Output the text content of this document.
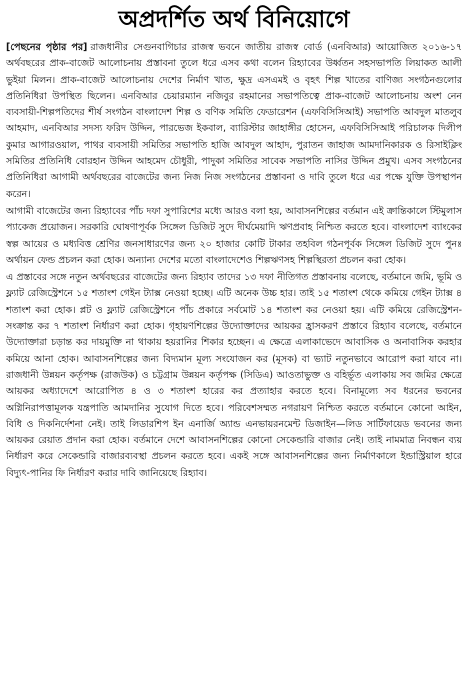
অপ্রদর্শিত অর্থ বিনিয়োগে

[পেছনের পৃষ্ঠার পর] রাজধানীর সেগুনবাগিচার রাজস্ব ভবনে জাতীয় রাজস্ব বোর্ড (এনবিআর) আয়োজিত ২০১৬-১৭ অর্থবছরের প্রাক-বাজেট আলোচনায় প্রস্তাবনা তুলে ধরে এসব কথা বলেন রিহ্যাবের উর্ধ্বতন সহসভাপতি লিয়াকত আলী ভুইয়া মিলন। প্রাক-বাজেট আলোচনায় দেশের নির্মাণ খাত, ক্ষুদ্র এসএমই ও বৃহৎ শিল্প খাতের বাণিজ্য সংগঠনগুলোর প্রতিনিধিরা উপস্থিত ছিলেন। এনবিআর চেয়ারম্যান নজিবুর রহমানের সভাপতিত্বে প্রাক-বাজেট আলোচনায় অংশ নেন ব্যবসায়ী-শিল্পপতিদের শীর্ষ সংগঠন বাংলাদেশ শিল্প ও বণিক সমিতি ফেডারেশন (এফবিসিসিআই) সভাপতি আবদুল মাতলুব আহমাদ, এনবিআর সদস্য ফরিদ উদ্দিন, পারভেজ ইকবাল, ব্যারিস্টার জাহাঙ্গীর হোসেন, এফবিসিসিআই পরিচালক দিলীপ কুমার আগারওয়াল, পাথর ব্যবসায়ী সমিতির সভাপতি হাজি আবদুল আহাদ, পুরাতন জাহাজ আমদানিকারক ও রিসাইক্লিং সমিতির প্রতিনিধি বোরহান উদ্দিন আহমেদ চৌধুরী, পাদুকা সমিতির সাবেক সভাপতি নাসির উদ্দিন প্রমুখ। এসব সংগঠনের প্রতিনিধিরা আগামী অর্থবছরের বাজেটের জন্য নিজ নিজ সংগঠনের প্রস্তাবনা ও দাবি তুলে ধরে এর পক্ষে যুক্তি উপস্থাপন করেন।

আগামী বাজেটের জন্য রিহ্যাবের পাঁচ দফা সুপারিশের মধ্যে আরও বলা হয়, আবাসনশিল্পের বর্তমান এই ক্রান্তিকালে স্টিমুলাস প্যাকেজ প্রয়োজন। সরকারি ঘোষণাপূর্বক সিঙ্গেল ডিজিট সুদে দীর্ঘমেয়াদি ঋণপ্রবাহ নিশ্চিত করতে হবে। বাংলাদেশ ব্যাংকের স্বল্প আয়ের ও মধ্যবিত্ত শ্রেণির জনসাধারণের জন্য ২০ হাজার কোটি টাকার তহবিল গঠনপূর্বক সিঙ্গেল ডিজিট সুদে পুনঃ অর্থায়ন ফেন্ড প্রচলন করা হোক। অন্যান্য দেশের মতো বাংলাদেশেও শিল্পঋণসহ শিল্পস্থিরতা প্রচলন করা হোক।

এ প্রস্তাবের সঙ্গে নতুন অর্থবছরের বাজেটের জন্য রিহ্যাব তাদের ১৩ দফা নীতিগত প্রস্তাবনায় বলেছে, বর্তমানে জমি, ভূমি ও ফ্ল্যাট রেজিস্ট্রেশনে ১৫ শতাংশ গেইন ট্যাক্স নেওয়া হচ্ছে। এটি অনেক উচ্চ হার। তাই ১৫ শতাংশ থেকে কমিয়ে গেইন ট্যাক্স ৪ শতাংশ করা হোক। প্লট ও ফ্ল্যাট রেজিস্ট্রেশনে পাঁচ প্রকারে সর্বমোট ১৪ শতাংশ কর নেওয়া হয়। এটি কমিয়ে রেজিস্ট্রেশন-সংক্রান্ত কর ৭ শতাংশ নির্ধারণ করা হোক। গৃহায়ণশিল্পের উদ্যোক্তাদের আয়কর হ্রাসকরণ প্রস্তাবে রিহ্যাব বলেছে, বর্তমানে উদ্যোক্তারা চড়ান্ত কর দায়মুক্তি না থাকায় হয়রানির শিকার হচ্ছেন। এ ক্ষেত্রে এলাকাভেদে আবাসিক ও অনাবাসিক করহার কমিয়ে আনা হোক। আবাসনশিল্পের জন্য বিদ্যমান মূল্য সংযোজন কর (মূসক) বা ভ্যাট নতুনভাবে আরোপ করা যাবে না। রাজধানী উন্নয়ন কর্তৃপক্ষ (রাজউক) ও চট্টগ্রাম উন্নয়ন কর্তৃপক্ষ (সিডিএ) আওতাভুক্ত ও বহির্ভূত এলাকায় সব জমির ক্ষেত্রে আয়কর অধ্যাদেশে আরোপিত ৪ ও ৩ শতাংশ হারের কর প্রত্যাহার করতে হবে। বিনামূল্যে সব ধরনের ভবনের অগ্নিনিরাপত্তামূলক যন্ত্রপাতি আমদানির সুযোগ দিতে হবে। পরিবেশসম্মত নগরায়ণ নিশ্চিত করতে বর্তমানে কোনো আইন, বিধি ও দিকনির্দেশনা নেই। তাই লিডারশিপ ইন এনার্জি অ্যান্ড এনভায়রনমেন্ট ডিজাইন—লিড সার্টিফায়েড ভবনের জন্য আয়কর রেয়াত প্রদান করা হোক। বর্তমানে দেশে আবাসনশিল্পের কোনো সেকেন্ডারি বাজার নেই। তাই নামমাত্র নিবন্ধন ব্যয় নির্ধারণ করে সেকেন্ডারি বাজারব্যবস্থা প্রচলন করতে হবে। একই সঙ্গে আবাসনশিল্পের জন্য নির্মাণকালে ইন্ডাস্ট্রিয়াল হারে বিদ্যুৎ-পানির ফি নির্ধারণ করার দাবি জানিয়েছে রিহ্যাব।
